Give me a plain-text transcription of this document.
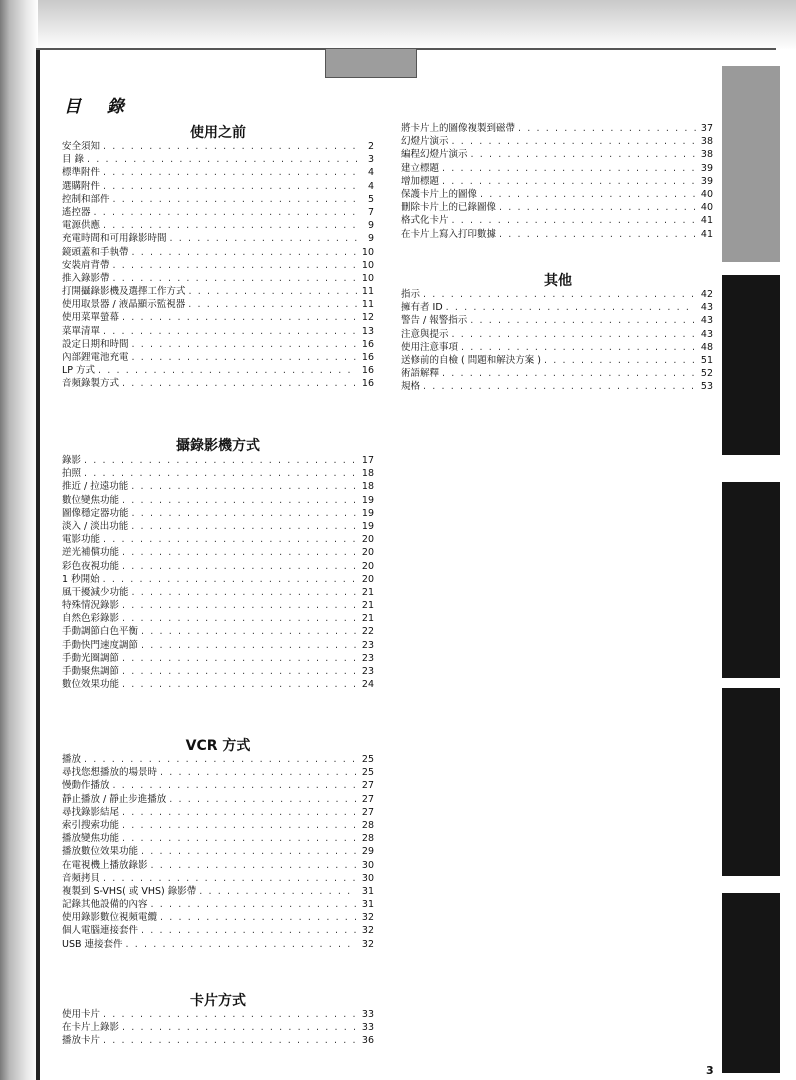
目 錄
使用之前
攝錄影機方式
VCR 方式
卡片方式
其他
安全須知 . . .	2
目 錄 . . .	3
標準附件 . . .	4
選購附件 . . .	4
控制和部件 . . .	5
遙控器 . . .	7
電源供應 . . .	9
充電時間和可用錄影時間 . . .	9
鏡頭蓋和手執帶 . . .	10
安裝肩背帶 . . .	10
推入錄影帶 . . .	10
打開攝錄影機及選擇工作方式 . . .	11
使用取景器 / 液晶顯示監視器 . . .	11
使用菜單螢幕 . . .	12
菜單清單 . . .	13
設定日期和時間 . . .	16
內部鋰電池充電 . . .	16
LP 方式 . . .	16
音頻錄製方式 . . .	16
錄影 . . .	17
拍照 . . .	18
推近 / 拉遠功能 . . .	18
數位變焦功能 . . .	19
圖像穩定器功能 . . .	19
淡入 / 淡出功能 . . .	19
電影功能 . . .	20
逆光補償功能 . . .	20
彩色夜視功能 . . .	20
1 秒開始 . . .	20
風干擾減少功能 . . .	21
特殊情況錄影 . . .	21
自然色彩錄影 . . .	21
手動調節白色平衡 . . .	22
手動快門速度調節 . . .	23
手動光圈調節 . . .	23
手動聚焦調節 . . .	23
數位效果功能 . . .	24
播放 . . .	25
尋找您想播放的場景時 . . .	25
慢動作播放 . . .	27
靜止播放 / 靜止步進播放 . . .	27
尋找錄影結尾 . . .	27
索引搜索功能 . . .	28
播放變焦功能 . . .	28
播放數位效果功能 . . .	29
在電視機上播放錄影 . . .	30
音頻拷貝 . . .	30
複製到 S-VHS( 或 VHS) 錄影帶 . . .	31
記錄其他設備的內容 . . .	31
使用錄影數位視頻電纜 . . .	32
個人電腦連接套件 . . .	32
USB 連接套件 . . .	32
使用卡片 . . .	33
在卡片上錄影 . . .	33
播放卡片 . . .	36
將卡片上的圖像複製到磁帶 . . .	37
幻燈片演示 . . .	38
編程幻燈片演示 . . .	38
建立標題 . . .	39
增加標題 . . .	39
保護卡片上的圖像 . . .	40
刪除卡片上的已錄圖像 . . .	40
格式化卡片 . . .	41
在卡片上寫入打印數據 . . .	41
指示 . . .	42
擁有者 ID . . .	43
警告 / 報警指示 . . .	43
注意與提示 . . .	43
使用注意事項 . . .	48
送修前的自檢 ( 問題和解決方案 ) . . .	51
術語解釋 . . .	52
規格 . . .	53
3
